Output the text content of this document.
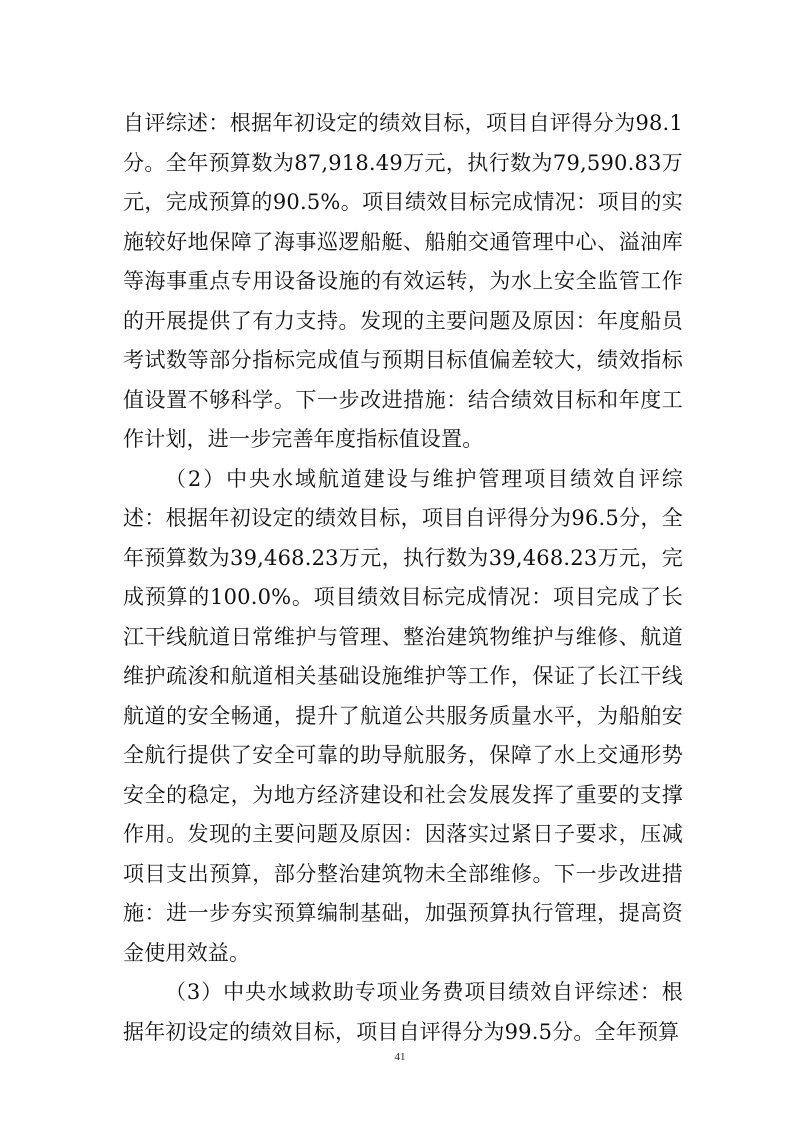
自评综述：根据年初设定的绩效目标，项目自评得分为98.1分。全年预算数为87,918.49万元，执行数为79,590.83万元，完成预算的90.5%。项目绩效目标完成情况：项目的实施较好地保障了海事巡逻船艇、船舶交通管理中心、溢油库等海事重点专用设备设施的有效运转，为水上安全监管工作的开展提供了有力支持。发现的主要问题及原因：年度船员考试数等部分指标完成值与预期目标值偏差较大，绩效指标值设置不够科学。下一步改进措施：结合绩效目标和年度工作计划，进一步完善年度指标值设置。

（2）中央水域航道建设与维护管理项目绩效自评综述：根据年初设定的绩效目标，项目自评得分为96.5分，全年预算数为39,468.23万元，执行数为39,468.23万元，完成预算的100.0%。项目绩效目标完成情况：项目完成了长江干线航道日常维护与管理、整治建筑物维护与维修、航道维护疏浚和航道相关基础设施维护等工作，保证了长江干线航道的安全畅通，提升了航道公共服务质量水平，为船舶安全航行提供了安全可靠的助导航服务，保障了水上交通形势安全的稳定，为地方经济建设和社会发展发挥了重要的支撑作用。发现的主要问题及原因：因落实过紧日子要求，压减项目支出预算，部分整治建筑物未全部维修。下一步改进措施：进一步夯实预算编制基础，加强预算执行管理，提高资金使用效益。

（3）中央水域救助专项业务费项目绩效自评综述：根据年初设定的绩效目标，项目自评得分为99.5分。全年预算

41
